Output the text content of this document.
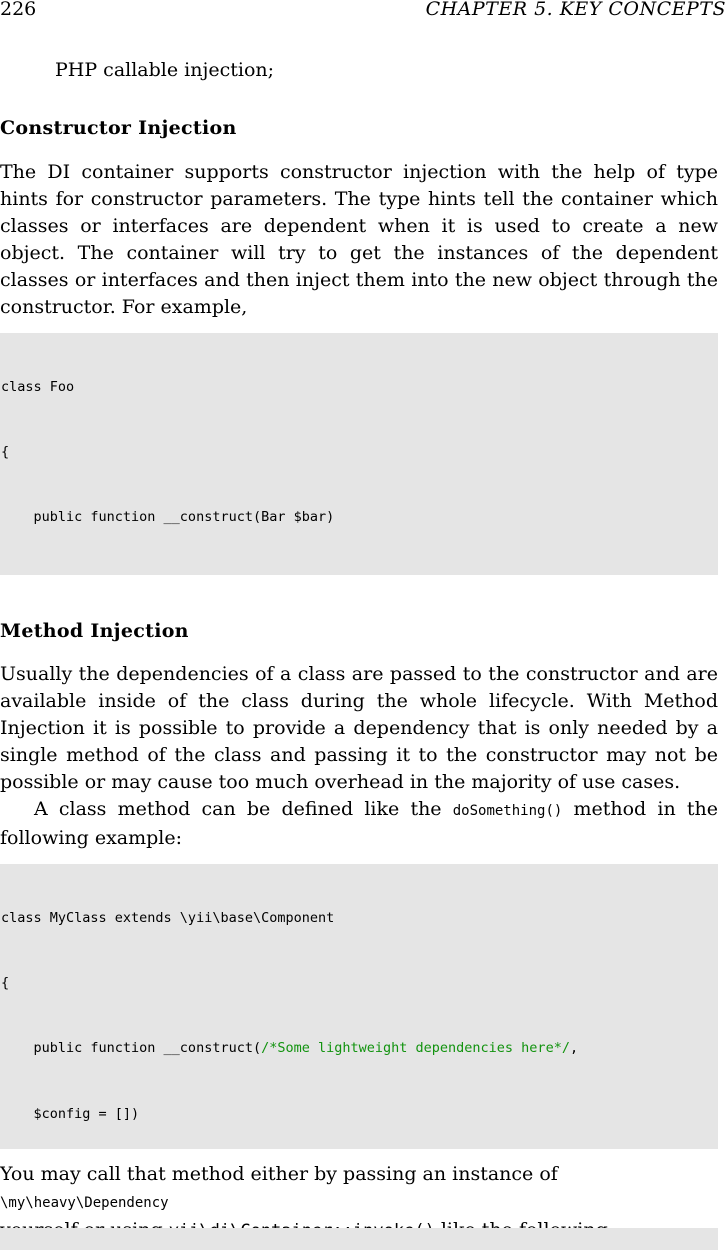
226	CHAPTER 5. KEY CONCEPTS
PHP callable injection;
Constructor Injection
The DI container supports constructor injection with the help of type hints for constructor parameters. The type hints tell the container which classes or interfaces are dependent when it is used to create a new object. The container will try to get the instances of the dependent classes or interfaces and then inject them into the new object through the constructor. For example,

class Foo

{

public function __construct(Bar $bar)

Method Injection
Usually the dependencies of a class are passed to the constructor and are available inside of the class during the whole lifecycle. With Method Injection it is possible to provide a dependency that is only needed by a single method of the class and passing it to the constructor may not be possible or may cause too much overhead in the majority of use cases.
A class method can be defined like the doSomething() method in the following example:

class MyClass extends \yii\base\Component

{

public function __construct(/*Some lightweight dependencies here*/,

$config = [])

You may call that method either by passing an instance of \my\heavy\Dependency
